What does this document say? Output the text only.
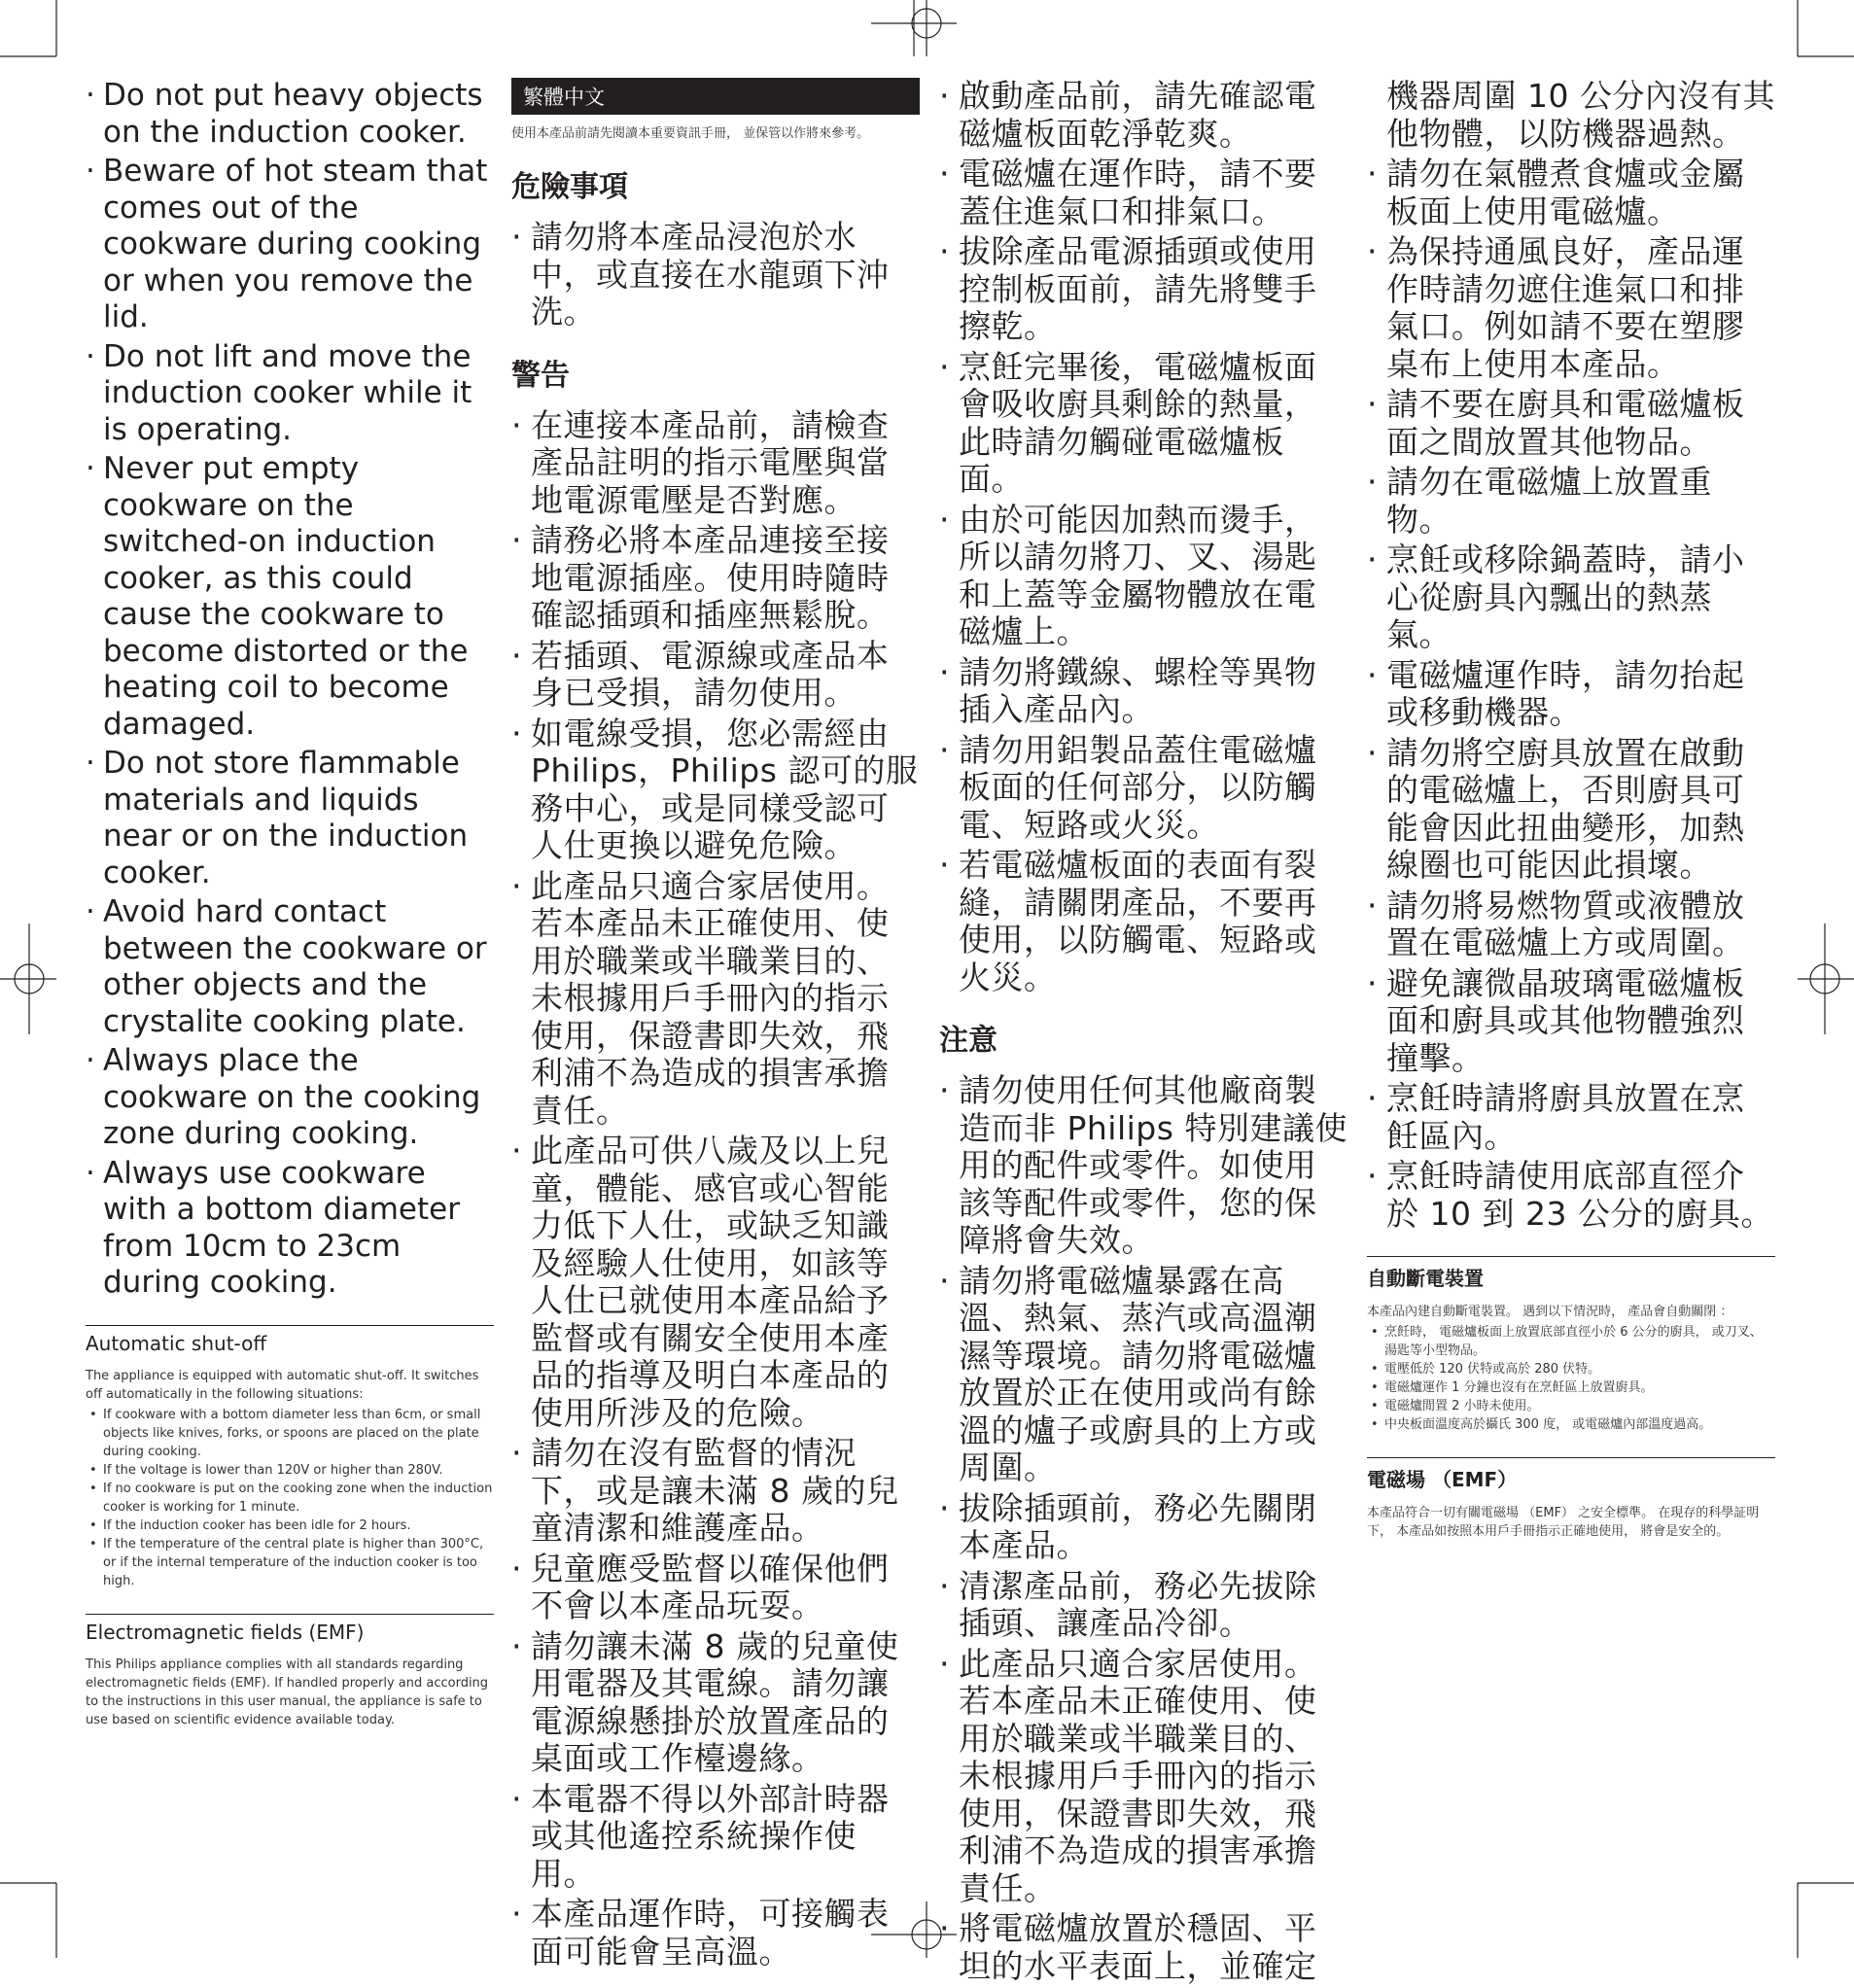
· Do not put heavy objects on the induction cooker.
· Beware of hot steam that comes out of the cookware during cooking or when you remove the lid.
· Do not lift and move the induction cooker while it is operating.
· Never put empty cookware on the switched-on induction cooker, as this could cause the cookware to become distorted or the heating coil to become damaged.
· Do not store flammable materials and liquids near or on the induction cooker.
· Avoid hard contact between the cookware or other objects and the crystalite cooking plate.
· Always place the cookware on the cooking zone during cooking.
· Always use cookware with a bottom diameter from 10cm to 23cm during cooking.
Automatic shut-off

The appliance is equipped with automatic shut-off. It switches off automatically in the following situations:

• If cookware with a bottom diameter less than 6cm, or small objects like knives, forks, or spoons are placed on the plate during cooking.
• If the voltage is lower than 120V or higher than 280V.
• If no cookware is put on the cooking zone when the induction cooker is working for 1 minute.
• If the induction cooker has been idle for 2 hours.
• If the temperature of the central plate is higher than 300°C, or if the internal temperature of the induction cooker is too high.
Electromagnetic fields (EMF)

This Philips appliance complies with all standards regarding electromagnetic fields (EMF). If handled properly and according to the instructions in this user manual, the appliance is safe to use based on scientific evidence available today.

繁體中文

使用本產品前請先閱讀本重要資訊手冊， 並保管以作將來參考。

危險事項
· 請勿將本產品浸泡於水中，或直接在水龍頭下沖洗。
警告
· 在連接本產品前，請檢查產品註明的指示電壓與當地電源電壓是否對應。
· 請務必將本產品連接至接地電源插座。使用時隨時確認插頭和插座無鬆脫。
· 若插頭、電源線或產品本身已受損，請勿使用。
· 如電線受損，您必需經由 Philips，Philips 認可的服務中心，或是同樣受認可人仕更換以避免危險。
· 此產品只適合家居使用。若本產品未正確使用、使用於職業或半職業目的、未根據用戶手冊內的指示使用，保證書即失效，飛利浦不為造成的損害承擔責任。
· 此產品可供八歲及以上兒童，體能、感官或心智能力低下人仕，或缺乏知識及經驗人仕使用，如該等人仕已就使用本產品給予監督或有關安全使用本產品的指導及明白本產品的使用所涉及的危險。
· 請勿在沒有監督的情況下，或是讓未滿 8 歲的兒童清潔和維護產品。
· 兒童應受監督以確保他們不會以本產品玩耍。
· 請勿讓未滿 8 歲的兒童使用電器及其電線。請勿讓電源線懸掛於放置產品的桌面或工作檯邊緣。
· 本電器不得以外部計時器或其他遙控系統操作使用。
· 本產品運作時，可接觸表面可能會呈高溫。
· 啟動產品前，請先確認電磁爐板面乾淨乾爽。
· 電磁爐在運作時，請不要蓋住進氣口和排氣口。
· 拔除產品電源插頭或使用控制板面前，請先將雙手擦乾。
· 烹飪完畢後，電磁爐板面會吸收廚具剩餘的熱量，此時請勿觸碰電磁爐板面。
· 由於可能因加熱而燙手，所以請勿將刀、叉、湯匙和上蓋等金屬物體放在電磁爐上。
· 請勿將鐵線、螺栓等異物插入產品內。
· 請勿用鋁製品蓋住電磁爐板面的任何部分，以防觸電、短路或火災。
· 若電磁爐板面的表面有裂縫，請關閉產品，不要再使用，以防觸電、短路或火災。
注意
· 請勿使用任何其他廠商製造而非 Philips 特別建議使用的配件或零件。如使用該等配件或零件，您的保障將會失效。
· 請勿將電磁爐暴露在高溫、熱氣、蒸汽或高溫潮濕等環境。請勿將電磁爐放置於正在使用或尚有餘溫的爐子或廚具的上方或周圍。
· 拔除插頭前，務必先關閉本產品。
· 清潔產品前，務必先拔除插頭、讓產品冷卻。
· 此產品只適合家居使用。若本產品未正確使用、使用於職業或半職業目的、未根據用戶手冊內的指示使用，保證書即失效，飛利浦不為造成的損害承擔責任。
· 將電磁爐放置於穩固、平坦的水平表面上，並確定
機器周圍 10 公分內沒有其他物體，以防機器過熱。
· 請勿在氣體煮食爐或金屬板面上使用電磁爐。
· 為保持通風良好，產品運作時請勿遮住進氣口和排氣口。例如請不要在塑膠桌布上使用本產品。
· 請不要在廚具和電磁爐板面之間放置其他物品。
· 請勿在電磁爐上放置重物。
· 烹飪或移除鍋蓋時，請小心從廚具內飄出的熱蒸氣。
· 電磁爐運作時，請勿抬起或移動機器。
· 請勿將空廚具放置在啟動的電磁爐上，否則廚具可能會因此扭曲變形，加熱線圈也可能因此損壞。
· 請勿將易燃物質或液體放置在電磁爐上方或周圍。
· 避免讓微晶玻璃電磁爐板面和廚具或其他物體強烈撞擊。
· 烹飪時請將廚具放置在烹飪區內。
· 烹飪時請使用底部直徑介於 10 到 23 公分的廚具。
自動斷電裝置

本產品內建自動斷電裝置。 遇到以下情況時， 產品會自動關閉 ：

• 烹飪時， 電磁爐板面上放置底部直徑小於 6 公分的廚具， 或刀叉、 湯匙等小型物品。
• 電壓低於 120 伏特或高於 280 伏特。
• 電磁爐運作 1 分鐘也沒有在烹飪區上放置廚具。
• 電磁爐閒置 2 小時未使用。
• 中央板面溫度高於攝氏 300 度， 或電磁爐內部溫度過高。
電磁場 （EMF）

本產品符合一切有關電磁場 （EMF） 之安全標準。 在現存的科學証明下， 本產品如按照本用戶手冊指示正確地使用， 將會是安全的。
